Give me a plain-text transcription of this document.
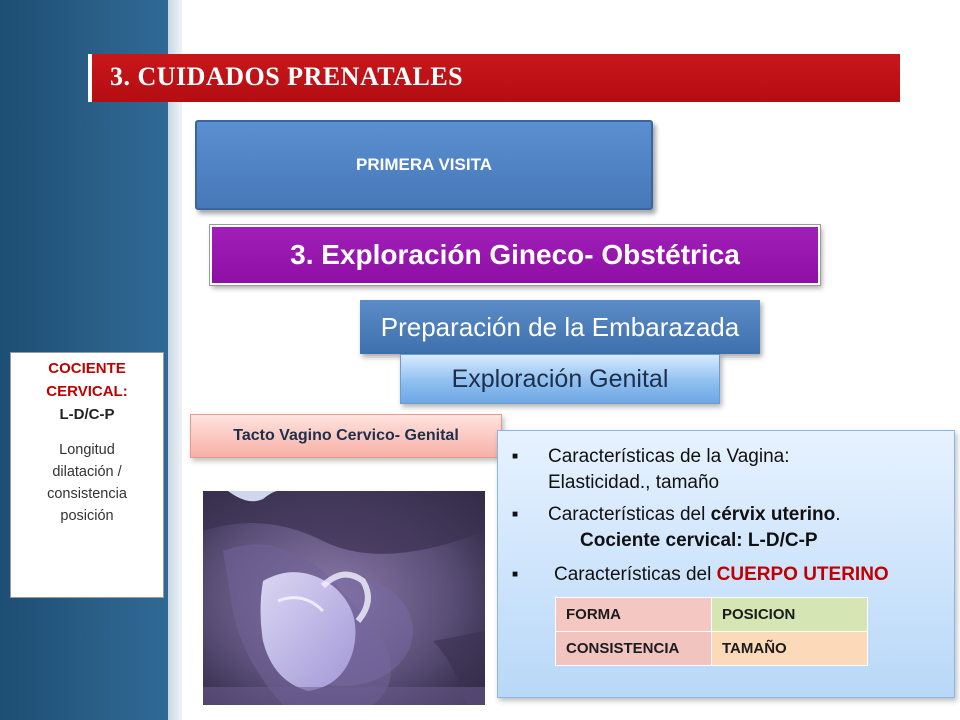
3. CUIDADOS PRENATALES
PRIMERA VISITA
3. Exploración Gineco- Obstétrica
Preparación de la Embarazada
Exploración Genital
Tacto Vagino Cervico- Genital
COCIENTE
CERVICAL:
L-D/C-P
Longitud
dilatación /
consistencia
posición
■ Características de la Vagina:
Elasticidad., tamaño
■ Características del cérvix uterino.
Cociente cervical: L-D/C-P
■ Características del CUERPO UTERINO
FORMA	POSICION
CONSISTENCIA	TAMAÑO
